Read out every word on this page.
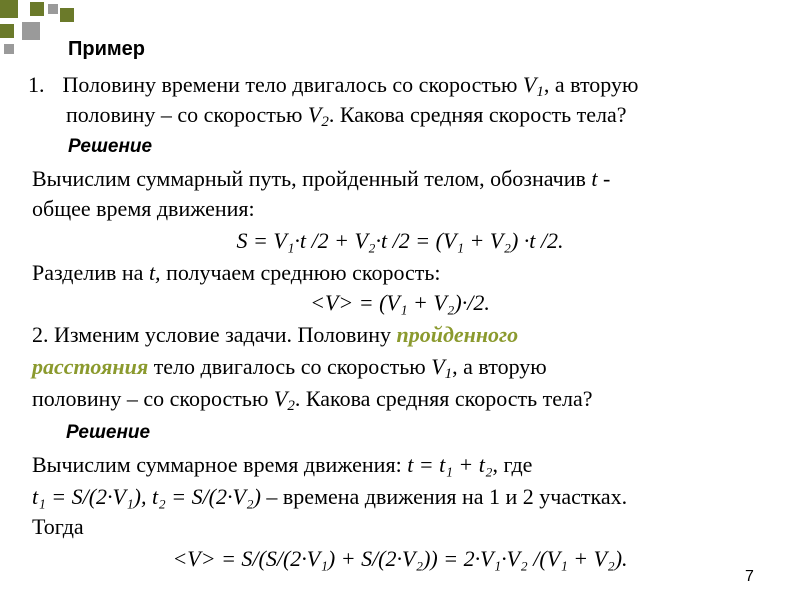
Пример
1. Половину времени тело двигалось со скоростью $V_1$, а вторую
половину – со скоростью $V_2$. Какова средняя скорость тела?
Решение
Вычислим суммарный путь, пройденный телом, обозначив t -
общее время движения:
S = V₁·t /2 + V₂·t /2 = (V₁ + V₂) ·t /2.
Разделив на t, получаем среднюю скорость:
<V> = (V₁ + V₂)·/2.
2. Изменим условие задачи. Половину пройденного
расстояния тело двигалось со скоростью $V_1$, а вторую
половину – со скоростью $V_2$. Какова средняя скорость тела?
Решение
Вычислим суммарное время движения: t = t₁ + t₂, где
t₁ = S/(2·V₁), t₂ = S/(2·V₂) – времена движения на 1 и 2 участках.
Тогда
<V> = S/(S/(2·V₁) + S/(2·V₂)) = 2·V₁·V₂ /(V₁ + V₂).
7
